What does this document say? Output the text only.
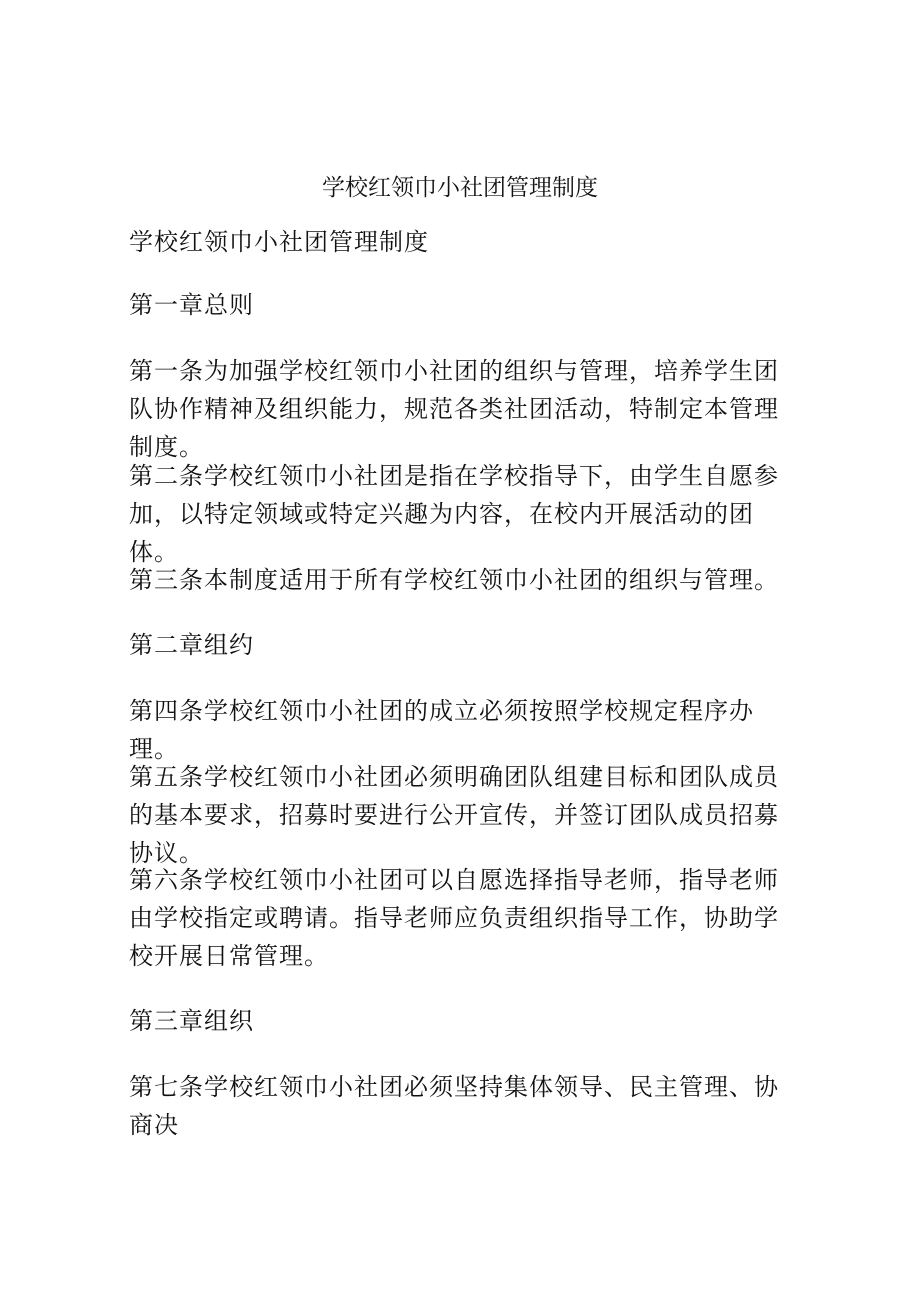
学校红领巾小社团管理制度
学校红领巾小社团管理制度
第一章总则
第一条为加强学校红领巾小社团的组织与管理，培养学生团队协作精神及组织能力，规范各类社团活动，特制定本管理制度。
第二条学校红领巾小社团是指在学校指导下，由学生自愿参加，以特定领域或特定兴趣为内容，在校内开展活动的团体。
第三条本制度适用于所有学校红领巾小社团的组织与管理。
第二章组约
第四条学校红领巾小社团的成立必须按照学校规定程序办理。
第五条学校红领巾小社团必须明确团队组建目标和团队成员的基本要求，招募时要进行公开宣传，并签订团队成员招募协议。
第六条学校红领巾小社团可以自愿选择指导老师，指导老师由学校指定或聘请。指导老师应负责组织指导工作，协助学校开展日常管理。
第三章组织
第七条学校红领巾小社团必须坚持集体领导、民主管理、协商决
